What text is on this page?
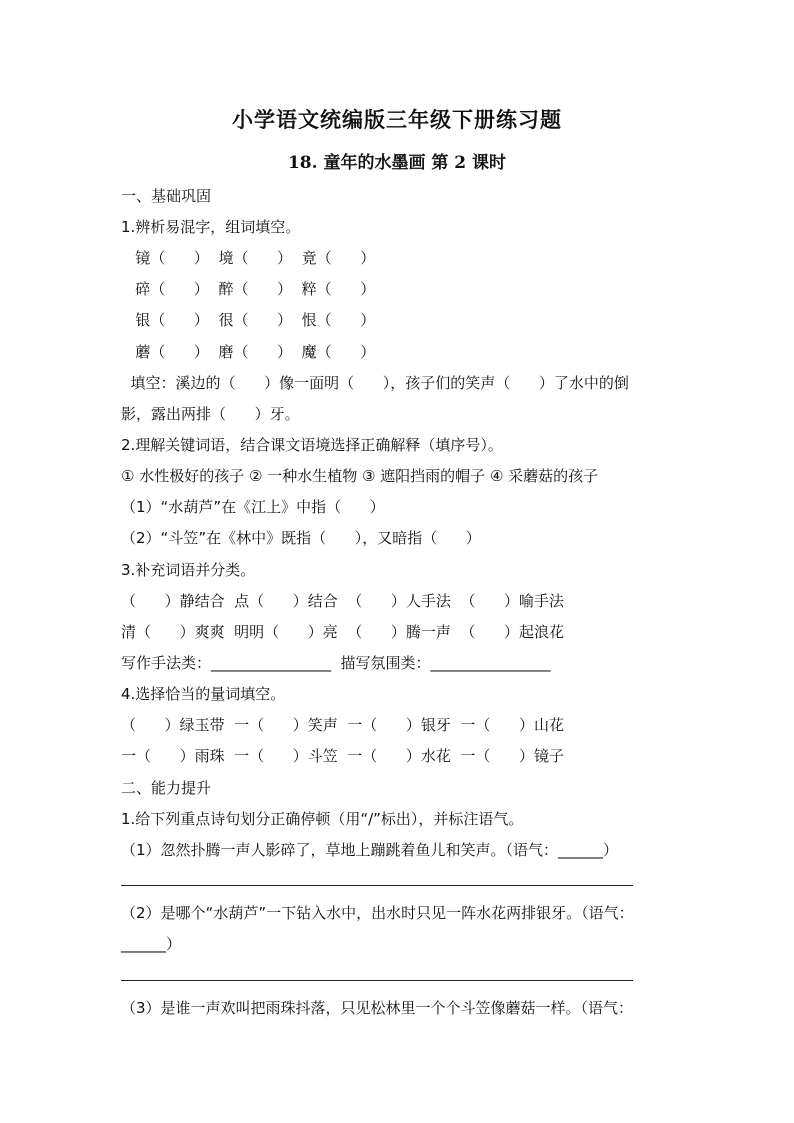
小学语文统编版三年级下册练习题
18. 童年的水墨画 第 2 课时
一、基础巩固
1.辨析易混字，组词填空。
镜（      ）  境（      ）  竟（      ）
碎（      ）  醉（      ）  粹（      ）
银（      ）  很（      ）  恨（      ）
蘑（      ）  磨（      ）  魔（      ）
填空：溪边的（      ）像一面明（      ），孩子们的笑声（      ）了水中的倒
影，露出两排（      ）牙。
2.理解关键词语，结合课文语境选择正确解释（填序号）。
① 水性极好的孩子 ② 一种水生植物 ③ 遮阳挡雨的帽子 ④ 采蘑菇的孩子
（1）“水葫芦”在《江上》中指（      ）
（2）“斗笠”在《林中》既指（      ），又暗指（      ）
3.补充词语并分类。
（      ）静结合  点（      ）结合  （      ）人手法  （      ）喻手法
清（      ）爽爽  明明（      ）亮  （      ）腾一声  （      ）起浪花
写作手法类：________________  描写氛围类：________________
4.选择恰当的量词填空。
（      ）绿玉带  一（      ）笑声  一（      ）银牙  一（      ）山花
一（      ）雨珠  一（      ）斗笠  一（      ）水花  一（      ）镜子
二、能力提升
1.给下列重点诗句划分正确停顿（用“/”标出），并标注语气。
（1）忽然扑腾一声人影碎了，草地上蹦跳着鱼儿和笑声。（语气：______）
（2）是哪个“水葫芦”一下钻入水中，出水时只见一阵水花两排银牙。（语气：
______）
（3）是谁一声欢叫把雨珠抖落，只见松林里一个个斗笠像蘑菇一样。（语气：
